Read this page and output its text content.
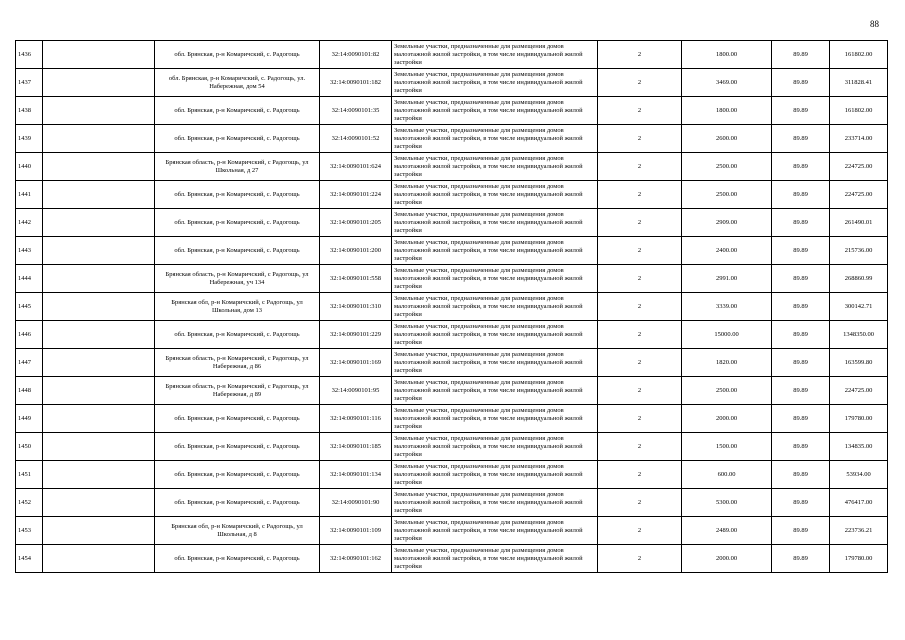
88
1436		обл. Брянская, р-н Комаричский, с. Радогощь	32:14:0090101:82	Земельные участки, предназначенные для размещения домов малоэтажной жилой застройки, в том числе индивидуальной жилой застройки	2	1800.00	89.89	161802.00
1437		обл. Брянская, р-н Комаричский, с. Радогощь, ул. Набережная, дом 54	32:14:0090101:182	Земельные участки, предназначенные для размещения домов малоэтажной жилой застройки, в том числе индивидуальной жилой застройки	2	3469.00	89.89	311828.41
1438		обл. Брянская, р-н Комаричский, с. Радогощь	32:14:0090101:35	Земельные участки, предназначенные для размещения домов малоэтажной жилой застройки, в том числе индивидуальной жилой застройки	2	1800.00	89.89	161802.00
1439		обл. Брянская, р-н Комаричский, с. Радогощь	32:14:0090101:52	Земельные участки, предназначенные для размещения домов малоэтажной жилой застройки, в том числе индивидуальной жилой застройки	2	2600.00	89.89	233714.00
1440		Брянская область, р-н Комаричский, с Радогощь, ул Школьная, д 27	32:14:0090101:624	Земельные участки, предназначенные для размещения домов малоэтажной жилой застройки, в том числе индивидуальной жилой застройки	2	2500.00	89.89	224725.00
1441		обл. Брянская, р-н Комаричский, с. Радогощь	32:14:0090101:224	Земельные участки, предназначенные для размещения домов малоэтажной жилой застройки, в том числе индивидуальной жилой застройки	2	2500.00	89.89	224725.00
1442		обл. Брянская, р-н Комаричский, с. Радогощь	32:14:0090101:205	Земельные участки, предназначенные для размещения домов малоэтажной жилой застройки, в том числе индивидуальной жилой застройки	2	2909.00	89.89	261490.01
1443		обл. Брянская, р-н Комаричский, с. Радогощь	32:14:0090101:200	Земельные участки, предназначенные для размещения домов малоэтажной жилой застройки, в том числе индивидуальной жилой застройки	2	2400.00	89.89	215736.00
1444		Брянская область, р-н Комаричский, с Радогощь, ул Набережная, уч 134	32:14:0090101:558	Земельные участки, предназначенные для размещения домов малоэтажной жилой застройки, в том числе индивидуальной жилой застройки	2	2991.00	89.89	268860.99
1445		Брянская обл, р-н Комаричский, с Радогощь, ул Школьная, дом 13	32:14:0090101:310	Земельные участки, предназначенные для размещения домов малоэтажной жилой застройки, в том числе индивидуальной жилой застройки	2	3339.00	89.89	300142.71
1446		обл. Брянская, р-н Комаричский, с. Радогощь	32:14:0090101:229	Земельные участки, предназначенные для размещения домов малоэтажной жилой застройки, в том числе индивидуальной жилой застройки	2	15000.00	89.89	1348350.00
1447		Брянская область, р-н Комаричский, с Радогощь, ул Набережная, д 86	32:14:0090101:169	Земельные участки, предназначенные для размещения домов малоэтажной жилой застройки, в том числе индивидуальной жилой застройки	2	1820.00	89.89	163599.80
1448		Брянская область, р-н Комаричский, с Радогощь, ул Набережная, д 89	32:14:0090101:95	Земельные участки, предназначенные для размещения домов малоэтажной жилой застройки, в том числе индивидуальной жилой застройки	2	2500.00	89.89	224725.00
1449		обл. Брянская, р-н Комаричский, с. Радогощь	32:14:0090101:116	Земельные участки, предназначенные для размещения домов малоэтажной жилой застройки, в том числе индивидуальной жилой застройки	2	2000.00	89.89	179780.00
1450		обл. Брянская, р-н Комаричский, с. Радогощь	32:14:0090101:185	Земельные участки, предназначенные для размещения домов малоэтажной жилой застройки, в том числе индивидуальной жилой застройки	2	1500.00	89.89	134835.00
1451		обл. Брянская, р-н Комаричский, с. Радогощь	32:14:0090101:134	Земельные участки, предназначенные для размещения домов малоэтажной жилой застройки, в том числе индивидуальной жилой застройки	2	600.00	89.89	53934.00
1452		обл. Брянская, р-н Комаричский, с. Радогощь	32:14:0090101:90	Земельные участки, предназначенные для размещения домов малоэтажной жилой застройки, в том числе индивидуальной жилой застройки	2	5300.00	89.89	476417.00
1453		Брянская обл, р-н Комаричский, с Радогощь, ул Школьная, д 8	32:14:0090101:109	Земельные участки, предназначенные для размещения домов малоэтажной жилой застройки, в том числе индивидуальной жилой застройки	2	2489.00	89.89	223736.21
1454		обл. Брянская, р-н Комаричский, с. Радогощь	32:14:0090101:162	Земельные участки, предназначенные для размещения домов малоэтажной жилой застройки, в том числе индивидуальной жилой застройки	2	2000.00	89.89	179780.00
